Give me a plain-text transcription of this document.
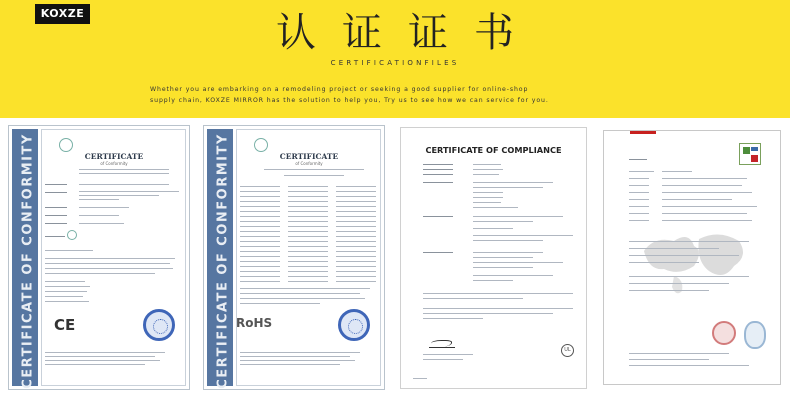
KOXZE	认证证书
CERTIFICATIONFILES
Whether you are embarking on a remodeling project or seeking a good supplier for online-shop
supply chain, KOXZE MIRROR has the solution to help you, Try us to see how we can service for you.
CERTIFICATE OF CONFORMITY	CERTIFICATE
of Conformity
CE	CERTIFICATE OF CONFORMITY	CERTIFICATE
of Conformity
RoHS
CERTIFICATE OF COMPLIANCE
UL
